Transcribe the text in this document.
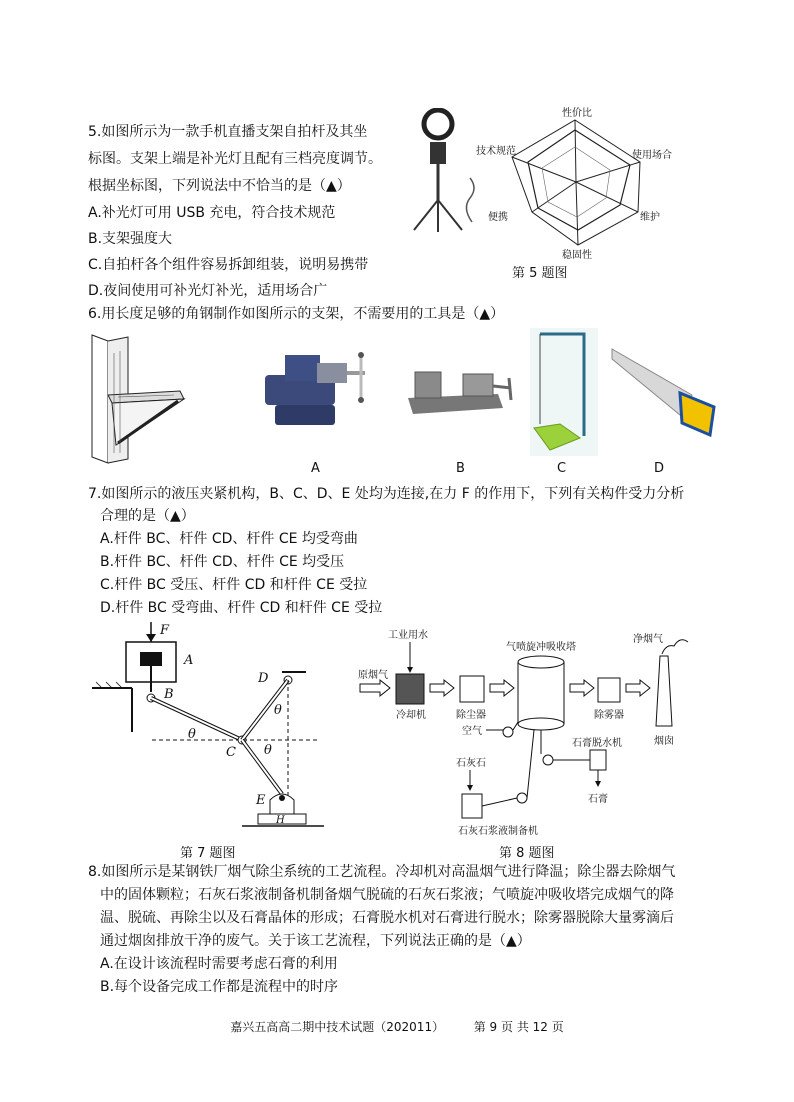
5.如图所示为一款手机直播支架自拍杆及其坐
标图。支架上端是补光灯且配有三档亮度调节。
根据坐标图，下列说法中不恰当的是（▲）
A.补光灯可用 USB 充电，符合技术规范
B.支架强度大
C.自拍杆各个组件容易拆卸组装，说明易携带
D.夜间使用可补光灯补光，适用场合广
性价比
使用场合
维护
稳固性
便携
技术规范
第 5 题图
6.用长度足够的角钢制作如图所示的支架，不需要用的工具是（▲）
A	B	C	D
7.如图所示的液压夹紧机构，B、C、D、E 处均为连接,在力 F 的作用下，下列有关构件受力分析
合理的是（▲）
A.杆件 BC、杆件 CD、杆件 CE 均受弯曲
B.杆件 BC、杆件 CD、杆件 CE 均受压
C.杆件 BC 受压、杆件 CD 和杆件 CE 受拉
D.杆件 BC 受弯曲、杆件 CD 和杆件 CE 受拉
F
A
B
θ
C
D
θ
θ
E
H
第 7 题图
工业用水
原烟气
冷却机	除尘器
空气
气喷旋冲吸收塔
除雾器
净烟气
烟囱
石膏脱水机
石膏
石灰石
石灰石浆液制备机
第 8 题图
8.如图所示是某钢铁厂烟气除尘系统的工艺流程。冷却机对高温烟气进行降温；除尘器去除烟气
中的固体颗粒；石灰石浆液制备机制备烟气脱硫的石灰石浆液；气喷旋冲吸收塔完成烟气的降
温、脱硫、再除尘以及石膏晶体的形成；石膏脱水机对石膏进行脱水；除雾器脱除大量雾滴后
通过烟囱排放干净的废气。关于该工艺流程，下列说法正确的是（▲）
A.在设计该流程时需要考虑石膏的利用
B.每个设备完成工作都是流程中的时序
嘉兴五高高二期中技术试题（202011） 第 9 页 共 12 页
